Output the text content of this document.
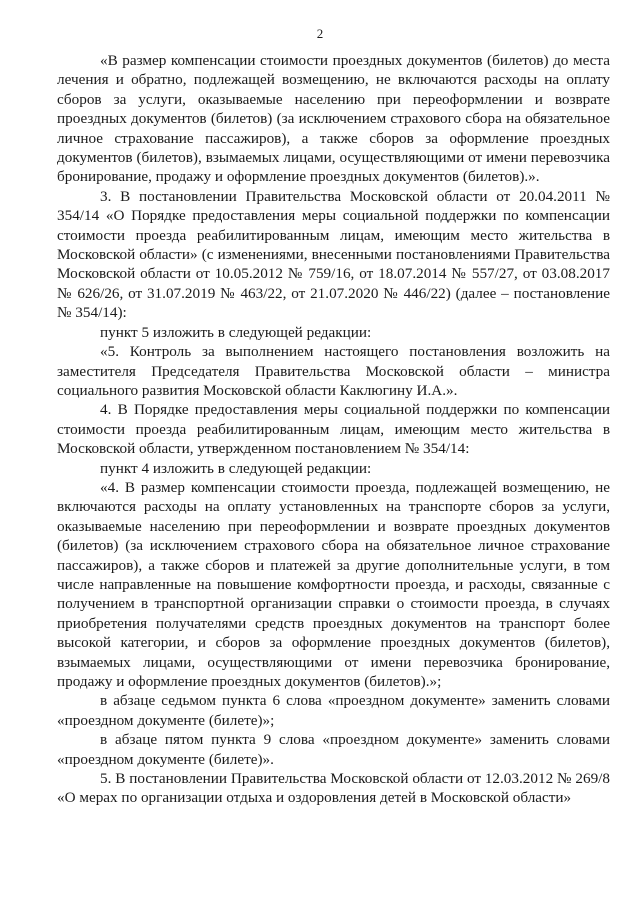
2

«В размер компенсации стоимости проездных документов (билетов) до места лечения и обратно, подлежащей возмещению, не включаются расходы на оплату сборов за услуги, оказываемые населению при переоформлении и возврате проездных документов (билетов) (за исключением страхового сбора на обязательное личное страхование пассажиров), а также сборов за оформление проездных документов (билетов), взымаемых лицами, осуществляющими от имени перевозчика бронирование, продажу и оформление проездных документов (билетов).».

3. В постановлении Правительства Московской области от 20.04.2011 № 354/14 «О Порядке предоставления меры социальной поддержки по компенсации стоимости проезда реабилитированным лицам, имеющим место жительства в Московской области» (с изменениями, внесенными постановлениями Правительства Московской области от 10.05.2012 № 759/16, от 18.07.2014 № 557/27, от 03.08.2017 № 626/26, от 31.07.2019 № 463/22, от 21.07.2020 № 446/22) (далее – постановление № 354/14):

пункт 5 изложить в следующей редакции:

«5. Контроль за выполнением настоящего постановления возложить на заместителя Председателя Правительства Московской области – министра социального развития Московской области Каклюгину И.А.».

4. В Порядке предоставления меры социальной поддержки по компенсации стоимости проезда реабилитированным лицам, имеющим место жительства в Московской области, утвержденном постановлением № 354/14:

пункт 4 изложить в следующей редакции:

«4. В размер компенсации стоимости проезда, подлежащей возмещению, не включаются расходы на оплату установленных на транспорте сборов за услуги, оказываемые населению при переоформлении и возврате проездных документов (билетов) (за исключением страхового сбора на обязательное личное страхование пассажиров), а также сборов и платежей за другие дополнительные услуги, в том числе направленные на повышение комфортности проезда, и расходы, связанные с получением в транспортной организации справки о стоимости проезда, в случаях приобретения получателями средств проездных документов на транспорт более высокой категории, и сборов за оформление проездных документов (билетов), взымаемых лицами, осуществляющими от имени перевозчика бронирование, продажу и оформление проездных документов (билетов).»;

в абзаце седьмом пункта 6 слова «проездном документе» заменить словами «проездном документе (билете)»;

в абзаце пятом пункта 9 слова «проездном документе» заменить словами «проездном документе (билете)».

5. В постановлении Правительства Московской области от 12.03.2012 № 269/8 «О мерах по организации отдыха и оздоровления детей в Московской области»
